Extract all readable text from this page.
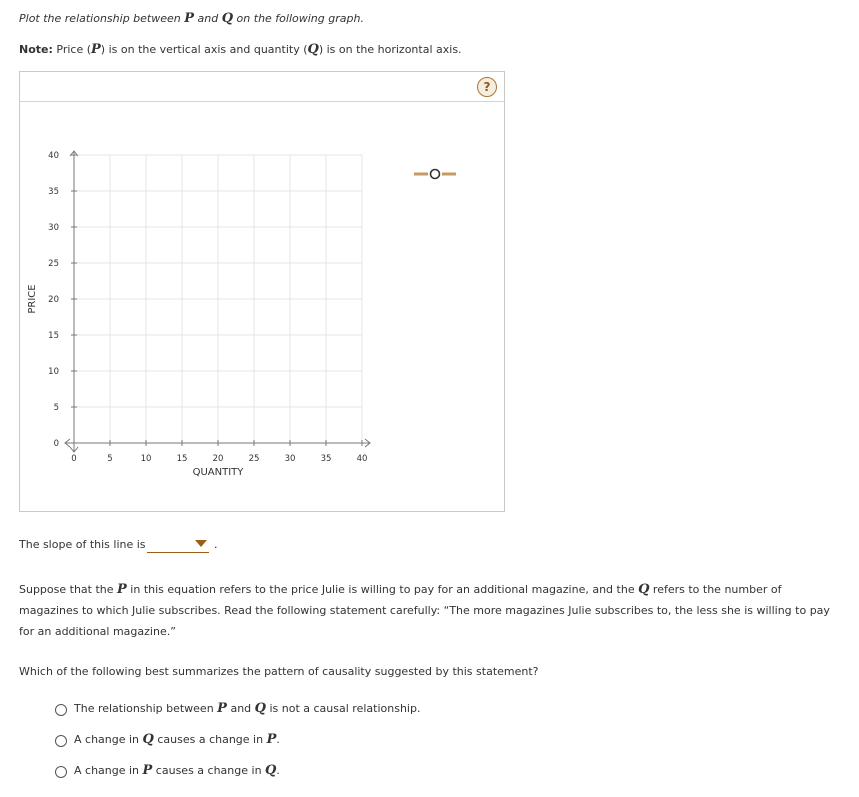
Plot the relationship between P and Q on the following graph.
Note: Price (P) is on the vertical axis and quantity (Q) is on the horizontal axis.
?
0
5
10
15
20
25
30
35
40
0	5	10	15	20	25	30	35	40
QUANTITY
PRICE
The slope of this line is	.
Suppose that the P in this equation refers to the price Julie is willing to pay for an additional magazine, and the Q refers to the number of magazines to which Julie subscribes. Read the following statement carefully: “The more magazines Julie subscribes to, the less she is willing to pay for an additional magazine.”
Which of the following best summarizes the pattern of causality suggested by this statement?
The relationship between P and Q is not a causal relationship.
A change in Q causes a change in P.
A change in P causes a change in Q.
